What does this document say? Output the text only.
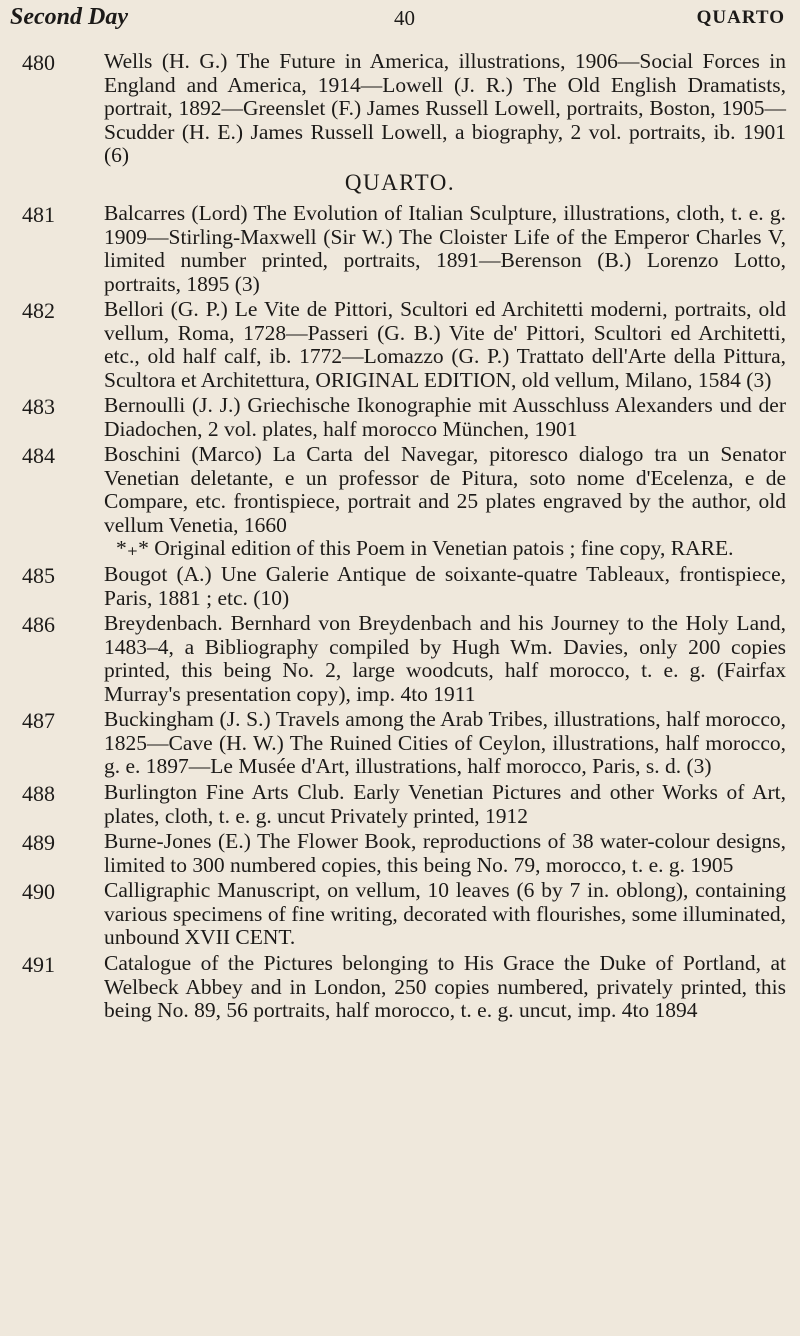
Second Day	40	QUARTO
QUARTO.
480 Wells (H. G.) The Future in America, illustrations, 1906—Social Forces in England and America, 1914—Lowell (J. R.) The Old English Dramatists, portrait, 1892—Greenslet (F.) James Russell Lowell, portraits, Boston, 1905—Scudder (H. E.) James Russell Lowell, a biography, 2 vol. portraits, ib. 1901 (6)
481 Balcarres (Lord) The Evolution of Italian Sculpture, illustrations, cloth, t. e. g. 1909—Stirling-Maxwell (Sir W.) The Cloister Life of the Emperor Charles V, limited number printed, portraits, 1891—Berenson (B.) Lorenzo Lotto, portraits, 1895 (3)
482 Bellori (G. P.) Le Vite de Pittori, Scultori ed Architetti moderni, portraits, old vellum, Roma, 1728—Passeri (G. B.) Vite de' Pittori, Scultori ed Architetti, etc., old half calf, ib. 1772—Lomazzo (G. P.) Trattato dell'Arte della Pittura, Scultora et Architettura, ORIGINAL EDITION, old vellum, Milano, 1584 (3)
483 Bernoulli (J. J.) Griechische Ikonographie mit Ausschluss Alexanders und der Diadochen, 2 vol. plates, half morocco München, 1901
484 Boschini (Marco) La Carta del Navegar, pitoresco dialogo tra un Senator Venetian deletante, e un professor de Pitura, soto nome d'Ecelenza, e de Compare, etc. frontispiece, portrait and 25 plates engraved by the author, old vellum Venetia, 1660
*₊* Original edition of this Poem in Venetian patois ; fine copy, RARE.
485 Bougot (A.) Une Galerie Antique de soixante-quatre Tableaux, frontispiece, Paris, 1881 ; etc. (10)
486 Breydenbach. Bernhard von Breydenbach and his Journey to the Holy Land, 1483–4, a Bibliography compiled by Hugh Wm. Davies, only 200 copies printed, this being No. 2, large woodcuts, half morocco, t. e. g. (Fairfax Murray's presentation copy), imp. 4to 1911
487 Buckingham (J. S.) Travels among the Arab Tribes, illustrations, half morocco, 1825—Cave (H. W.) The Ruined Cities of Ceylon, illustrations, half morocco, g. e. 1897—Le Musée d'Art, illustrations, half morocco, Paris, s. d. (3)
488 Burlington Fine Arts Club. Early Venetian Pictures and other Works of Art, plates, cloth, t. e. g. uncut Privately printed, 1912
489 Burne-Jones (E.) The Flower Book, reproductions of 38 water-colour designs, limited to 300 numbered copies, this being No. 79, morocco, t. e. g. 1905
490 Calligraphic Manuscript, on vellum, 10 leaves (6 by 7 in. oblong), containing various specimens of fine writing, decorated with flourishes, some illuminated, unbound XVII CENT.
491 Catalogue of the Pictures belonging to His Grace the Duke of Portland, at Welbeck Abbey and in London, 250 copies numbered, privately printed, this being No. 89, 56 portraits, half morocco, t. e. g. uncut, imp. 4to 1894
